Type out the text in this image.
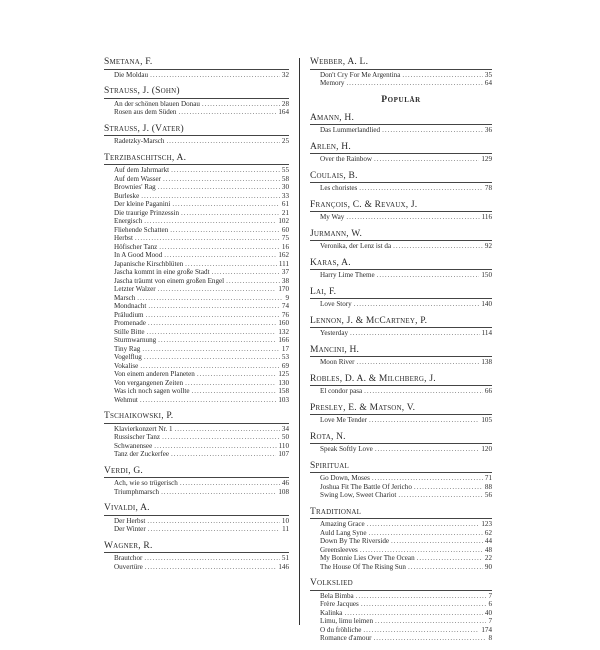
Smetana, F.
Die Moldau . . .	32
Strauss, J. (Sohn)
An der schönen blauen Donau . . .	28
Rosen aus dem Süden . . .	164
Strauss, J. (Vater)
Radetzky-Marsch . . .	25
Terzibaschitsch, A.
Auf dem Jahrmarkt . . .	55
Auf dem Wasser . . .	58
Brownies' Rag . . .	30
Burleske . . .	33
Der kleine Paganini . . .	61
Die traurige Prinzessin . . .	21
Energisch . . .	102
Fliehende Schatten . . .	60
Herbst . . .	75
Höfischer Tanz . . .	16
In A Good Mood . . .	162
Japanische Kirschblüten . . .	111
Jascha kommt in eine große Stadt . . .	37
Jascha träumt von einem großen Engel . . .	38
Letzter Walzer . . .	170
Marsch . . .	9
Mondnacht . . .	74
Präludium . . .	76
Promenade . . .	160
Stille Bitte . . .	132
Sturmwarnung . . .	166
Tiny Rag . . .	17
Vogelflug . . .	53
Vokalise . . .	69
Von einem anderen Planeten . . .	125
Von vergangenen Zeiten . . .	130
Was ich noch sagen wollte . . .	158
Wehmut . . .	103
Tschaikowski, P.
Klavierkonzert Nr. 1 . . .	34
Russischer Tanz . . .	50
Schwanensee . . .	110
Tanz der Zuckerfee . . .	107
Verdi, G.
Ach, wie so trügerisch . . .	46
Triumphmarsch . . .	108
Vivaldi, A.
Der Herbst . . .	10
Der Winter . . .	11
Wagner, R.
Brautchor . . .	51
Ouvertüre . . .	146
Webber, A. L.
Don't Cry For Me Argentina . . .	35
Memory . . .	64
Populär
Amann, H.
Das Lummerlandlied . . .	36
Arlen, H.
Over the Rainbow . . .	129
Coulais, B.
Les choristes . . .	78
François, C. & Revaux, J.
My Way . . .	116
Jurmann, W.
Veronika, der Lenz ist da . . .	92
Karas, A.
Harry Lime Theme . . .	150
Lai, F.
Love Story . . .	140
Lennon, J. & McCartney, P.
Yesterday . . .	114
Mancini, H.
Moon River . . .	138
Robles, D. A. & Milchberg, J.
El condor pasa . . .	66
Presley, E. & Matson, V.
Love Me Tender . . .	105
Rota, N.
Speak Softly Love . . .	120
Spiritual
Go Down, Moses . . .	71
Joshua Fit The Battle Of Jericho . . .	88
Swing Low, Sweet Chariot . . .	56
Traditional
Amazing Grace . . .	123
Auld Lang Syne . . .	62
Down By The Riverside . . .	44
Greensleeves . . .	48
My Bonnie Lies Over The Ocean . . .	22
The House Of The Rising Sun . . .	90
Volkslied
Bela Bimba . . .	7
Frère Jacques . . .	6
Kalinka . . .	40
Limu, limu leimen . . .	7
O du fröhliche . . .	174
Romance d'amour . . .	8
